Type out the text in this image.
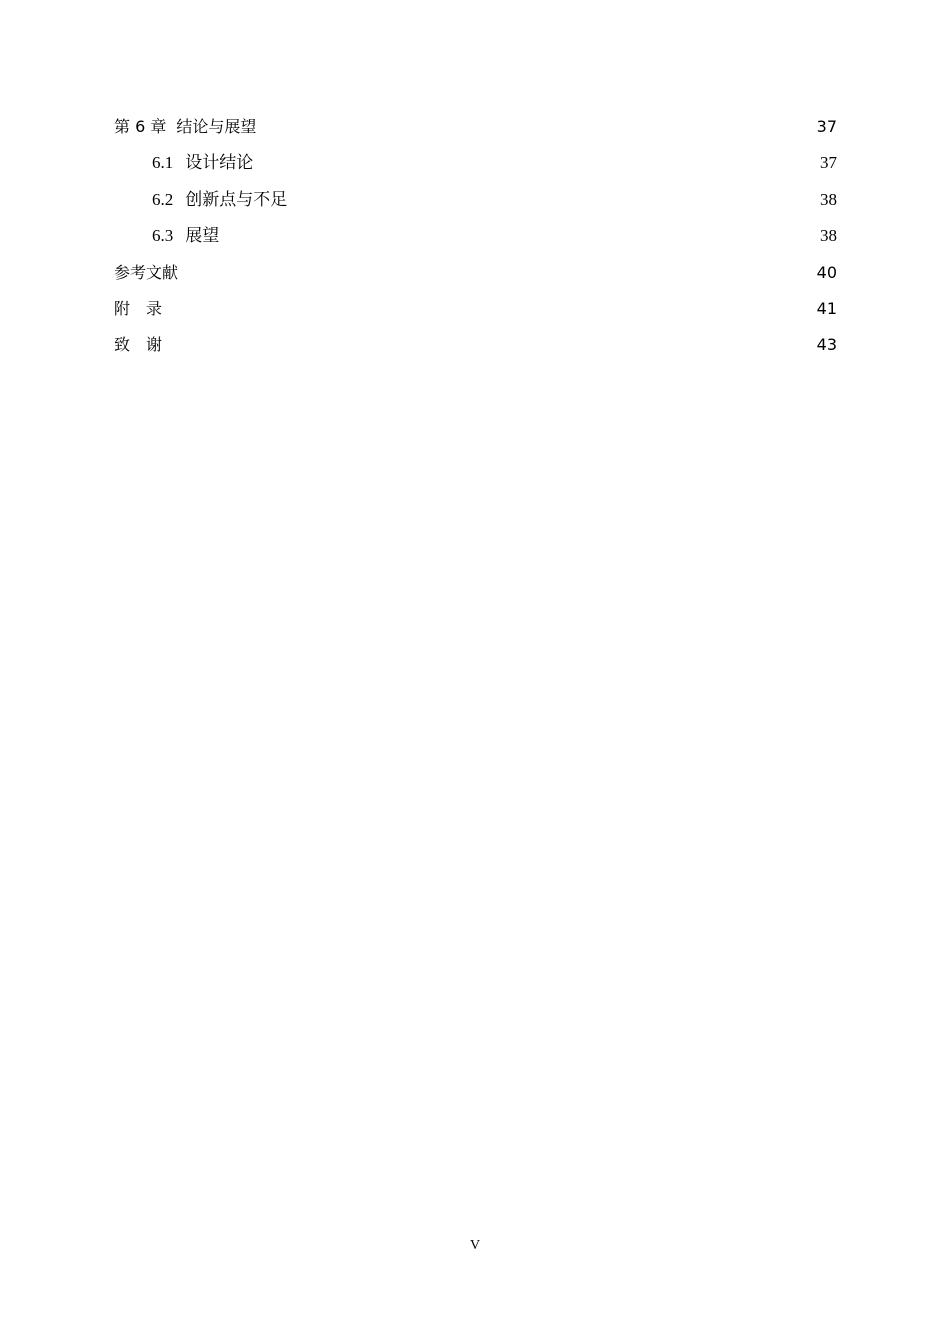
第 6 章 结论与展望	37
6.1 设计结论	37
6.2 创新点与不足	38
6.3 展望	38
参考文献	40
附　录	41
致　谢	43
V
